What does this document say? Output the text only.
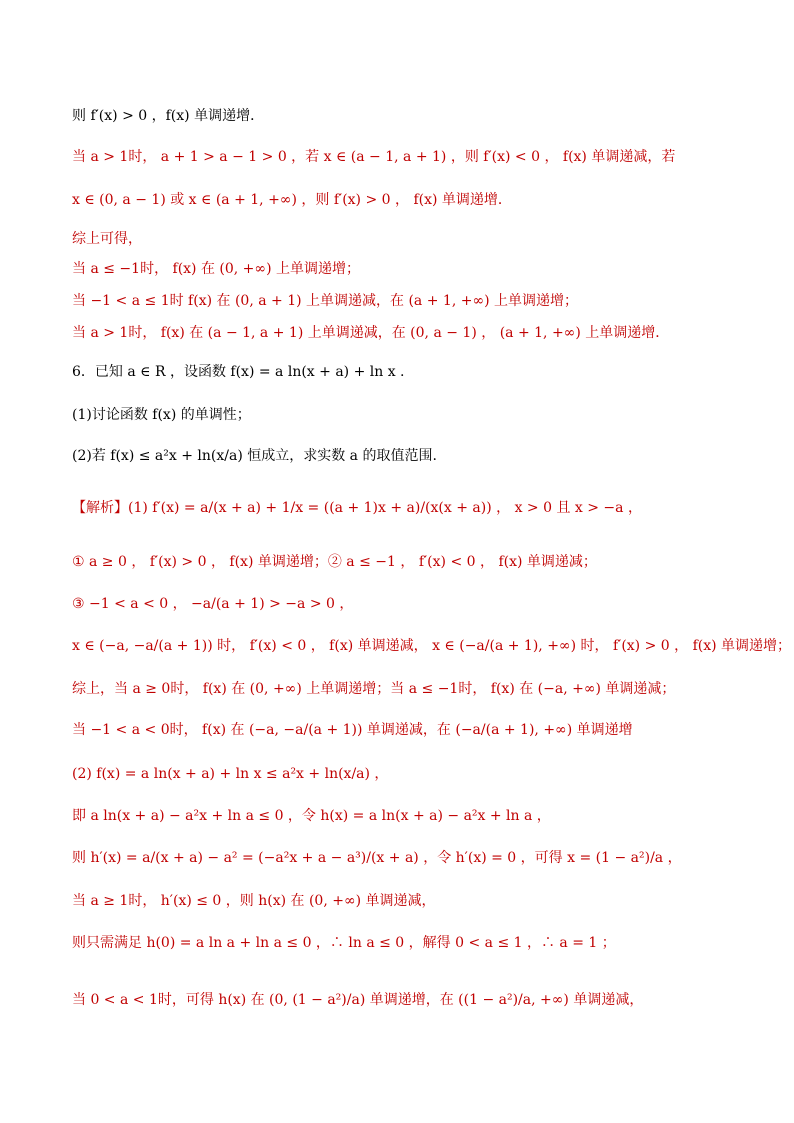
则 f′(x) > 0 ，f(x) 单调递增．
当 a > 1时， a + 1 > a − 1 > 0 ，若 x ∈ (a − 1, a + 1) ，则 f′(x) < 0 ， f(x) 单调递减，若
x ∈ (0, a − 1) 或 x ∈ (a + 1, +∞) ，则 f′(x) > 0 ， f(x) 单调递增．
综上可得，
当 a ≤ −1时， f(x) 在 (0, +∞) 上单调递增；
当 −1 < a ≤ 1时 f(x) 在 (0, a + 1) 上单调递减，在 (a + 1, +∞) 上单调递增；
当 a > 1时， f(x) 在 (a − 1, a + 1) 上单调递减，在 (0, a − 1) ， (a + 1, +∞) 上单调递增．
6．已知 a ∈ R ，设函数 f(x) = a ln(x + a) + ln x .
(1)讨论函数 f(x) 的单调性；
(2)若 f(x) ≤ a²x + ln(x/a) 恒成立，求实数 a 的取值范围.
【解析】(1) f′(x) = a/(x + a) + 1/x = ((a + 1)x + a)/(x(x + a)) ， x > 0 且 x > −a ，
① a ≥ 0 ， f′(x) > 0 ， f(x) 单调递增；② a ≤ −1 ， f′(x) < 0 ， f(x) 单调递减；
③ −1 < a < 0 ， −a/(a + 1) > −a > 0 ，
x ∈ (−a, −a/(a + 1)) 时， f′(x) < 0 ， f(x) 单调递减， x ∈ (−a/(a + 1), +∞) 时， f′(x) > 0 ， f(x) 单调递增；
综上，当 a ≥ 0时， f(x) 在 (0, +∞) 上单调递增；当 a ≤ −1时， f(x) 在 (−a, +∞) 单调递减；
当 −1 < a < 0时， f(x) 在 (−a, −a/(a + 1)) 单调递减，在 (−a/(a + 1), +∞) 单调递增
(2) f(x) = a ln(x + a) + ln x ≤ a²x + ln(x/a) ，
即 a ln(x + a) − a²x + ln a ≤ 0 ，令 h(x) = a ln(x + a) − a²x + ln a ，
则 h′(x) = a/(x + a) − a² = (−a²x + a − a³)/(x + a) ，令 h′(x) = 0 ，可得 x = (1 − a²)/a ，
当 a ≥ 1时， h′(x) ≤ 0 ，则 h(x) 在 (0, +∞) 单调递减，
则只需满足 h(0) = a ln a + ln a ≤ 0 ，∴ ln a ≤ 0 ，解得 0 < a ≤ 1 ，∴ a = 1 ；
当 0 < a < 1时，可得 h(x) 在 (0, (1 − a²)/a) 单调递增，在 ((1 − a²)/a, +∞) 单调递减，
